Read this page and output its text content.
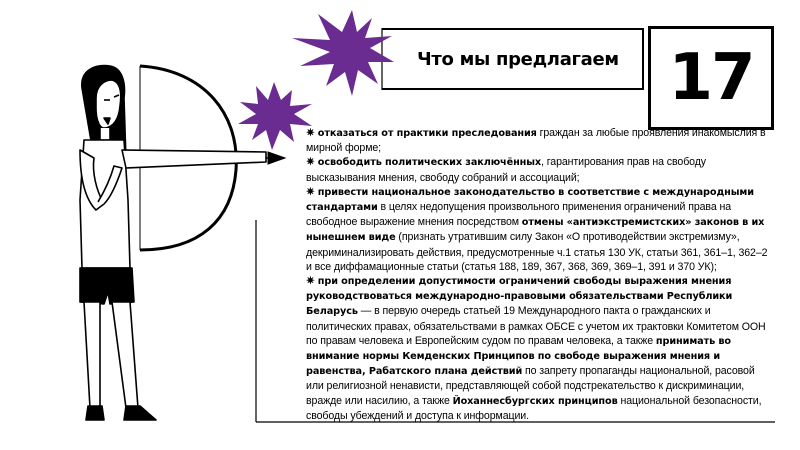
Что мы предлагаем 17

✷ отказаться от практики преследования граждан за любые проявления инакомыслия в мирной форме;

✷ освободить политических заключённых, гарантирования прав на свободу высказывания мнения, свободу собраний и ассоциаций;

✷ привести национальное законодательство в соответствие с международными стандартами в целях недопущения произвольного применения ограничений права на свободное выражение мнения посредством отмены «антиэкстремистских» законов в их нынешнем виде (признать утратившим силу Закон «О противодействии экстремизму», декриминализировать действия, предусмотренные ч.1 статья 130 УК, статьи 361, 361–1, 362–2 и все диффамационные статьи (статья 188, 189, 367, 368, 369, 369–1, 391 и 370 УК);

✷ при определении допустимости ограничений свободы выражения мнения руководствоваться международно-правовыми обязательствами Республики Беларусь — в первую очередь статьей 19 Международного пакта о гражданских и политических правах, обязательствами в рамках ОБСЕ с учетом их трактовки Комитетом ООН по правам человека и Европейским судом по правам человека, а также принимать во внимание нормы Кемденских Принципов по свободе выражения мнения и равенства, Рабатского плана действий по запрету пропаганды национальной, расовой или религиозной ненависти, представляющей собой подстрекательство к дискриминации, вражде или насилию, а также Йоханнесбургских принципов национальной безопасности, свободы убеждений и доступа к информации.
